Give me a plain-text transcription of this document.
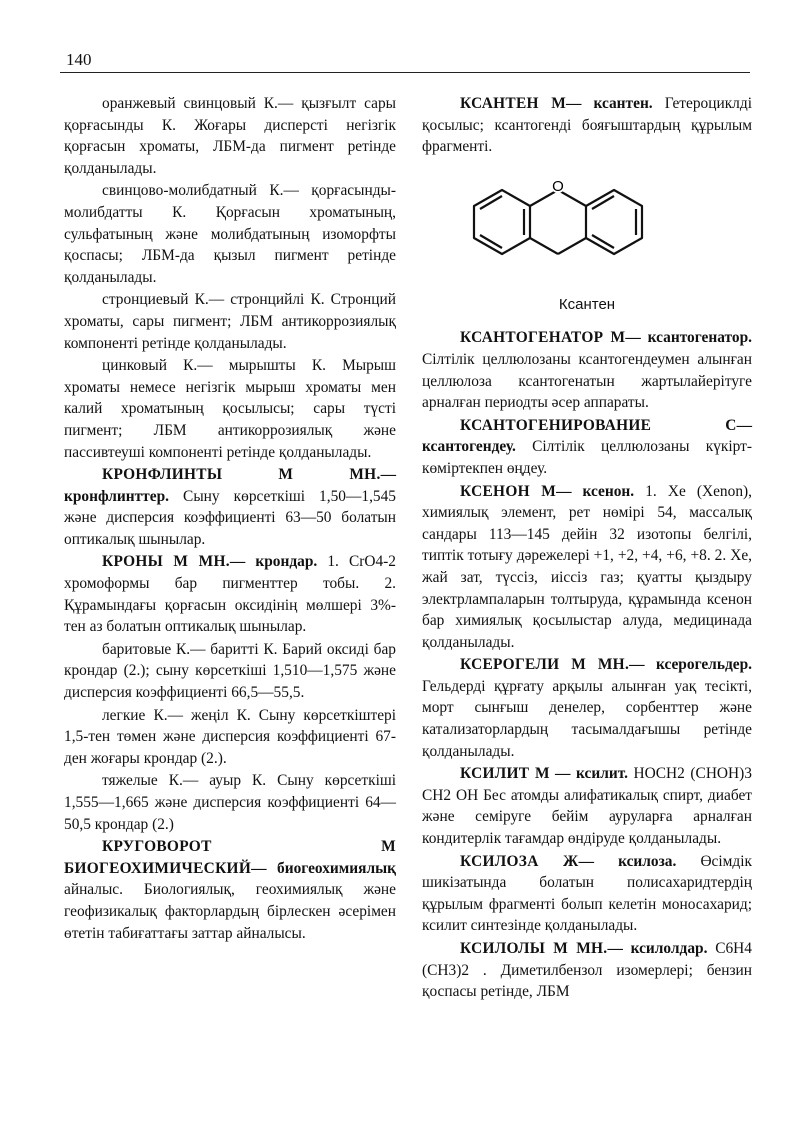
140

оранжевый свинцовый К.— қызғылт сары қорғасынды К. Жоғары дисперсті негізгік қорғасын хроматы, ЛБМ-да пигмент ретінде қолданылады.

свинцово-молибдатный К.— қорғасынды-молибдатты К. Қорғасын хроматының, сульфатының және молибдатының изоморфты қоспасы; ЛБМ-да қызыл пигмент ретінде қолданылады.

стронциевый К.— стронцийлі К. Стронций хроматы, сары пигмент; ЛБМ антикоррозиялық компоненті ретінде қолданылады.

цинковый К.— мырышты К. Мырыш хроматы немесе негізгік мырыш хроматы мен калий хроматының қосылысы; сары түсті пигмент; ЛБМ антикоррозиялық және пассивтеуші компоненті ретінде қолданылады.

КРОНФЛИНТЫ М МН.— кронфлинттер. Сыну көрсеткіші 1,50—1,545 және дисперсия коэффициенті 63—50 болатын оптикалық шынылар.

КРОНЫ М МН.— крондар. 1. CrO4-2 хромоформы бар пигменттер тобы. 2. Құрамындағы қорғасын оксидінің мөлшері 3%-тен аз болатын оптикалық шынылар.

баритовые К.— баритті К. Барий оксиді бар крондар (2.); сыну көрсеткіші 1,510—1,575 және дисперсия коэффициенті 66,5—55,5.

легкие К.— жеңіл К. Сыну көрсеткіштері 1,5-тен төмен және дисперсия коэффициенті 67-ден жоғары крондар (2.).

тяжелые К.— ауыр К. Сыну көрсеткіші 1,555—1,665 және дисперсия коэффициенті 64—50,5 крондар (2.)

КРУГОВОРОТ М БИОГЕОХИМИЧЕСКИЙ— биогеохимиялық айналыс. Биологиялық, геохимиялық және геофизикалық факторлардың бірлескен әсерімен өтетін табиғаттағы заттар айналысы.

КСАНТЕН М— ксантен. Гетероциклді қосылыс; ксантогенді бояғыштардың құрылым фрагменті.

O
Ксантен

КСАНТОГЕНАТОР М— ксантогенатор. Сілтілік целлюлозаны ксантогендеумен алынған целлюлоза ксантогенатын жартылайерітуге арналған периодты әсер аппараты.

КСАНТОГЕНИРОВАНИЕ С— ксантогендеу. Сілтілік целлюлозаны күкірт-көміртекпен өңдеу.

КСЕНОН М— ксенон. 1. Xe (Xenon), химиялық элемент, рет нөмірі 54, массалық сандары 113—145 дейін 32 изотопы белгілі, типтік тотығу дәрежелері +1, +2, +4, +6, +8. 2. Xe, жай зат, түссіз, иіссіз газ; қуатты қыздыру электрлампаларын толтыруда, құрамында ксенон бар химиялық қосылыстар алуда, медицинада қолданылады.

КСЕРОГЕЛИ М МН.— ксерогельдер. Гельдерді құрғату арқылы алынған уақ тесікті, морт сынғыш денелер, сорбенттер және катализаторлардың тасымалдағышы ретінде қолданылады.

КСИЛИТ М — ксилит. HOCH2 (CHOH)3 CH2 OH Бес атомды алифатикалық спирт, диабет және семіруге бейім ауруларға арналған кондитерлік тағамдар өндіруде қолданылады.

КСИЛОЗА Ж— ксилоза. Өсімдік шикізатында болатын полисахаридтердің құрылым фрагменті болып келетін моносахарид; ксилит синтезінде қолданылады.

КСИЛОЛЫ М МН.— ксилолдар. C6H4 (CH3)2 . Диметилбензол изомерлері; бензин қоспасы ретінде, ЛБМ
